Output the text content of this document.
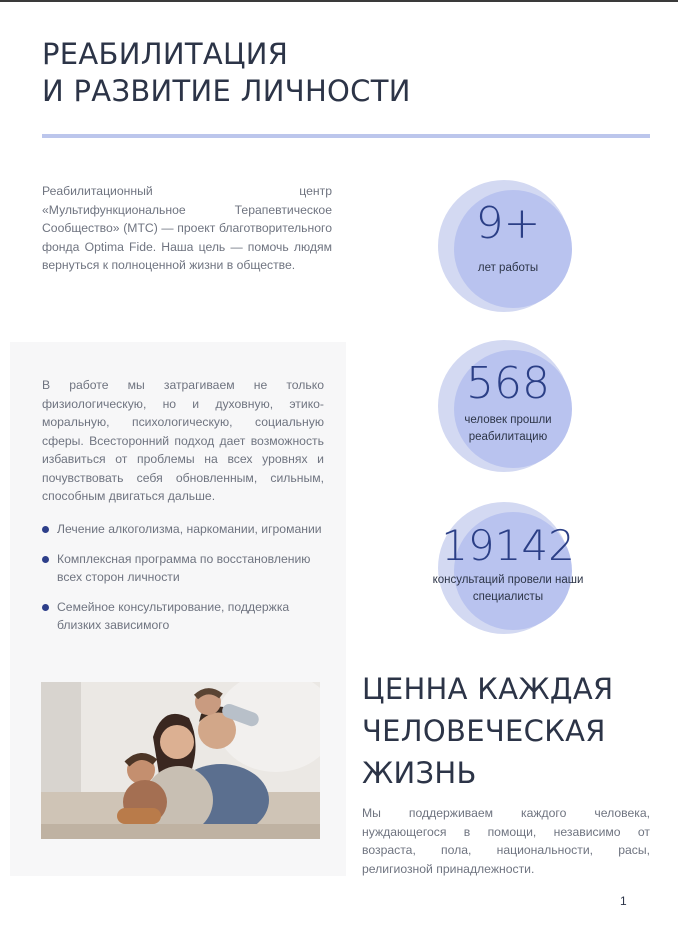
РЕАБИЛИТАЦИЯ
И РАЗВИТИЕ ЛИЧНОСТИ

Реабилитационный центр «Мультифункциональное Терапевтическое Сообщество» (МТС) — проект благотворительного фонда Optima Fide. Наша цель — помочь людям вернуться к полноценной жизни в обществе.

В работе мы затрагиваем не только физиологическую, но и духовную, этико-моральную, психологическую, социальную сферы. Всесторонний подход дает возможность избавиться от проблемы на всех уровнях и почувствовать себя обновленным, сильным, способным двигаться дальше.

Лечение алкоголизма, наркомании, игромании
Комплексная программа по восстановлению всех сторон личности
Семейное консультирование, поддержка близких зависимого
9+
лет работы
568
человек прошли реабилитацию
19142
консультаций провели наши специалисты
ЦЕННА КАЖДАЯ
ЧЕЛОВЕЧЕСКАЯ
ЖИЗНЬ

Мы поддерживаем каждого человека, нуждающегося в помощи, независимо от возраста, пола, национальности, расы, религиозной принадлежности.

1
